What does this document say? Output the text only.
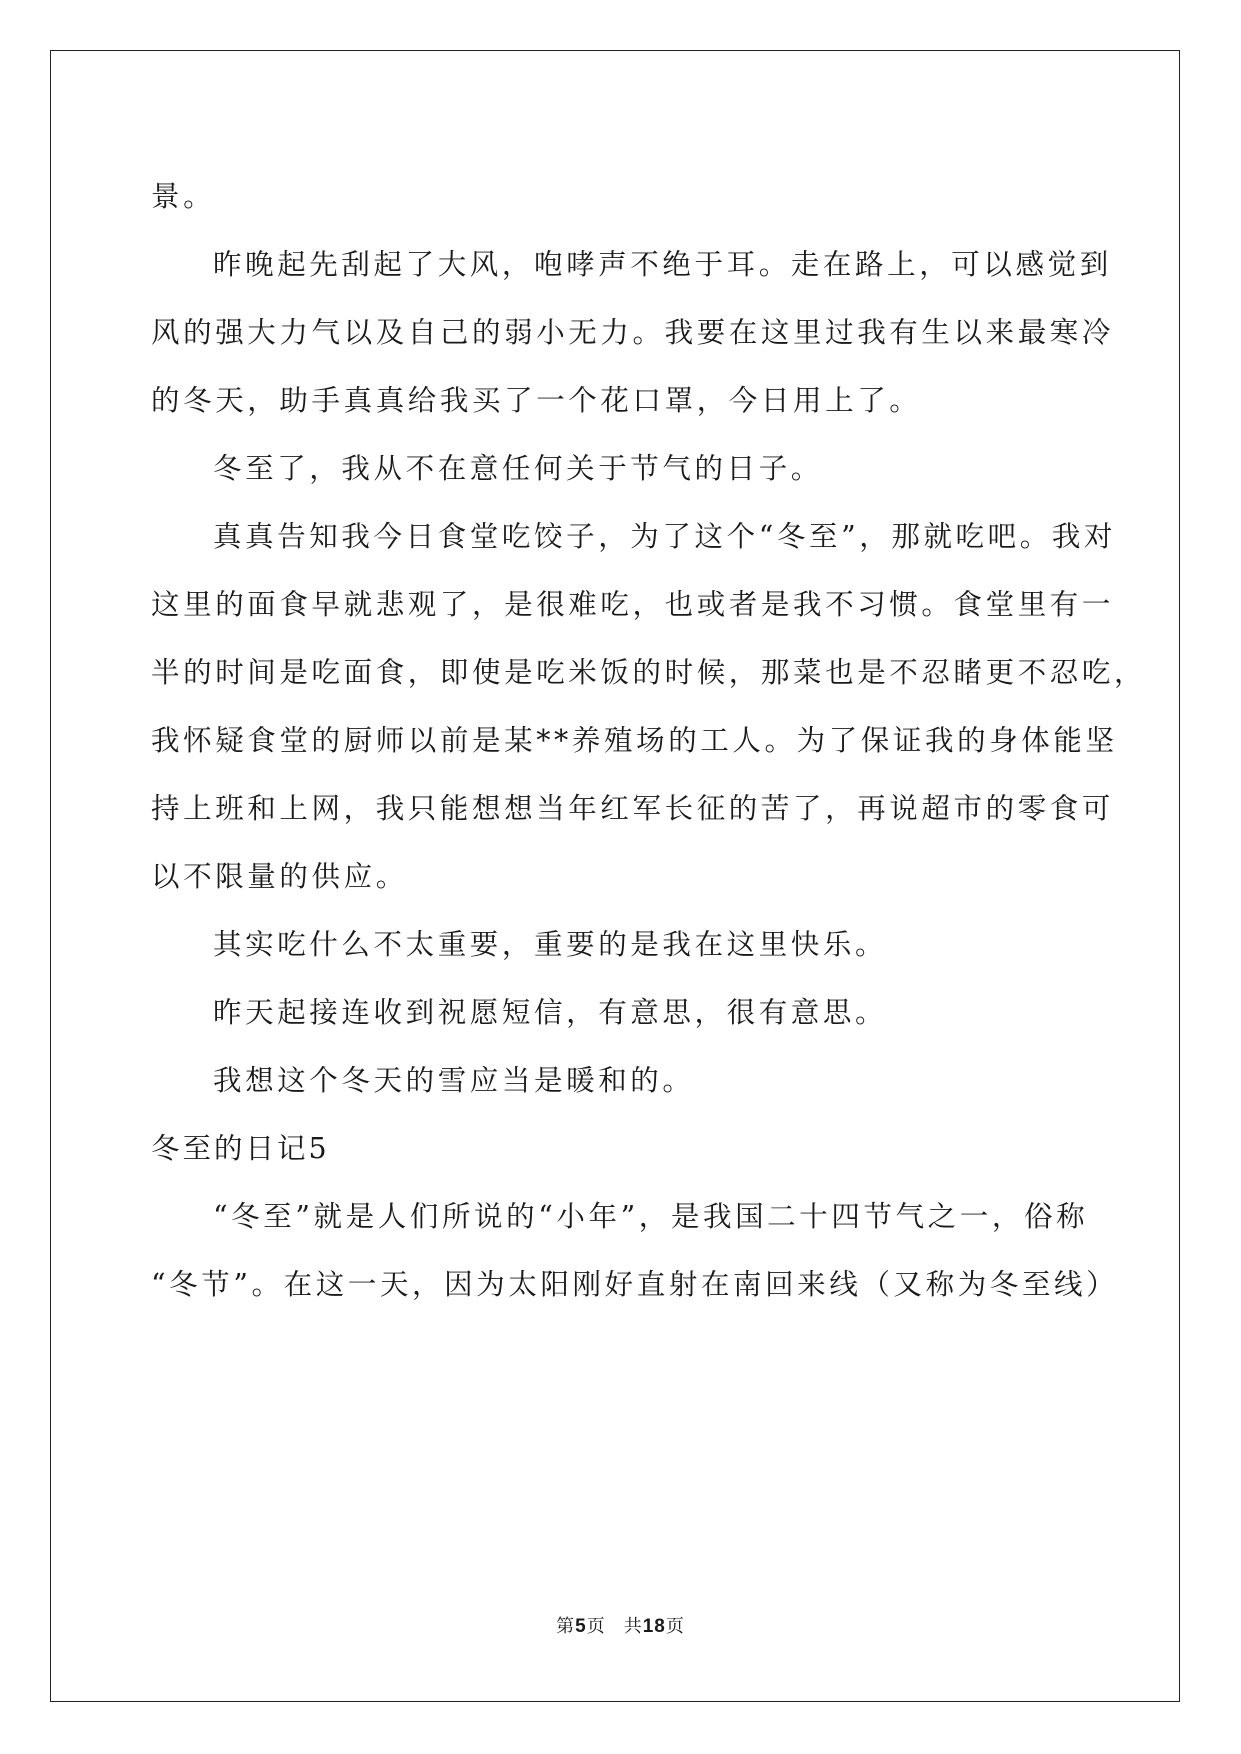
景。
昨晚起先刮起了大风，咆哮声不绝于耳。走在路上，可以感觉到
风的强大力气以及自己的弱小无力。我要在这里过我有生以来最寒冷
的冬天，助手真真给我买了一个花口罩，今日用上了。
冬至了，我从不在意任何关于节气的日子。
真真告知我今日食堂吃饺子，为了这个“冬至”，那就吃吧。我对
这里的面食早就悲观了，是很难吃，也或者是我不习惯。食堂里有一
半的时间是吃面食，即使是吃米饭的时候，那菜也是不忍睹更不忍吃，
我怀疑食堂的厨师以前是某**养殖场的工人。为了保证我的身体能坚
持上班和上网，我只能想想当年红军长征的苦了，再说超市的零食可
以不限量的供应。
其实吃什么不太重要，重要的是我在这里快乐。
昨天起接连收到祝愿短信，有意思，很有意思。
我想这个冬天的雪应当是暖和的。
冬至的日记5
“冬至”就是人们所说的“小年”，是我国二十四节气之一，俗称
“冬节”。在这一天，因为太阳刚好直射在南回来线（又称为冬至线）
第5页 共18页
